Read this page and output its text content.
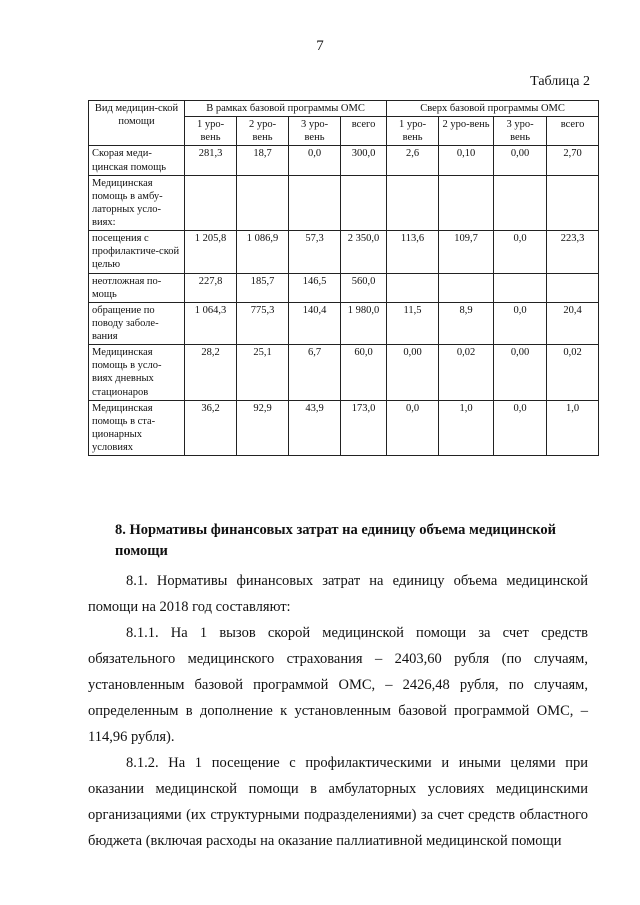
7
Таблица 2
Вид медицин-ской помощи	В рамках базовой программы ОМС				Сверх базовой программы ОМС			
	1 уро-вень	2 уро-вень	3 уро-вень	всего	1 уро-вень	2 уро-вень	3 уро-вень	всего
Скорая меди-цинская помощь	281,3	18,7	0,0	300,0	2,6	0,10	0,00	2,70
Медицинская помощь в амбу-латорных усло-виях:								
посещения с профилактиче-ской целью	1 205,8	1 086,9	57,3	2 350,0	113,6	109,7	0,0	223,3
неотложная по-мощь	227,8	185,7	146,5	560,0				
обращение по поводу заболе-вания	1 064,3	775,3	140,4	1 980,0	11,5	8,9	0,0	20,4
Медицинская помощь в усло-виях дневных стационаров	28,2	25,1	6,7	60,0	0,00	0,02	0,00	0,02
Медицинская помощь в ста-ционарных условиях	36,2	92,9	43,9	173,0	0,0	1,0	0,0	1,0
8. Нормативы финансовых затрат на единицу объема медицинской помощи

8.1. Нормативы финансовых затрат на единицу объема медицинской помощи на 2018 год составляют:

8.1.1. На 1 вызов скорой медицинской помощи за счет средств обязательного медицинского страхования – 2403,60 рубля (по случаям, установленным базовой программой ОМС, – 2426,48 рубля, по случаям, определенным в дополнение к установленным базовой программой ОМС, – 114,96 рубля).

8.1.2. На 1 посещение с профилактическими и иными целями при оказании медицинской помощи в амбулаторных условиях медицинскими организациями (их структурными подразделениями) за счет средств областного бюджета (включая расходы на оказание паллиативной медицинской помощи
